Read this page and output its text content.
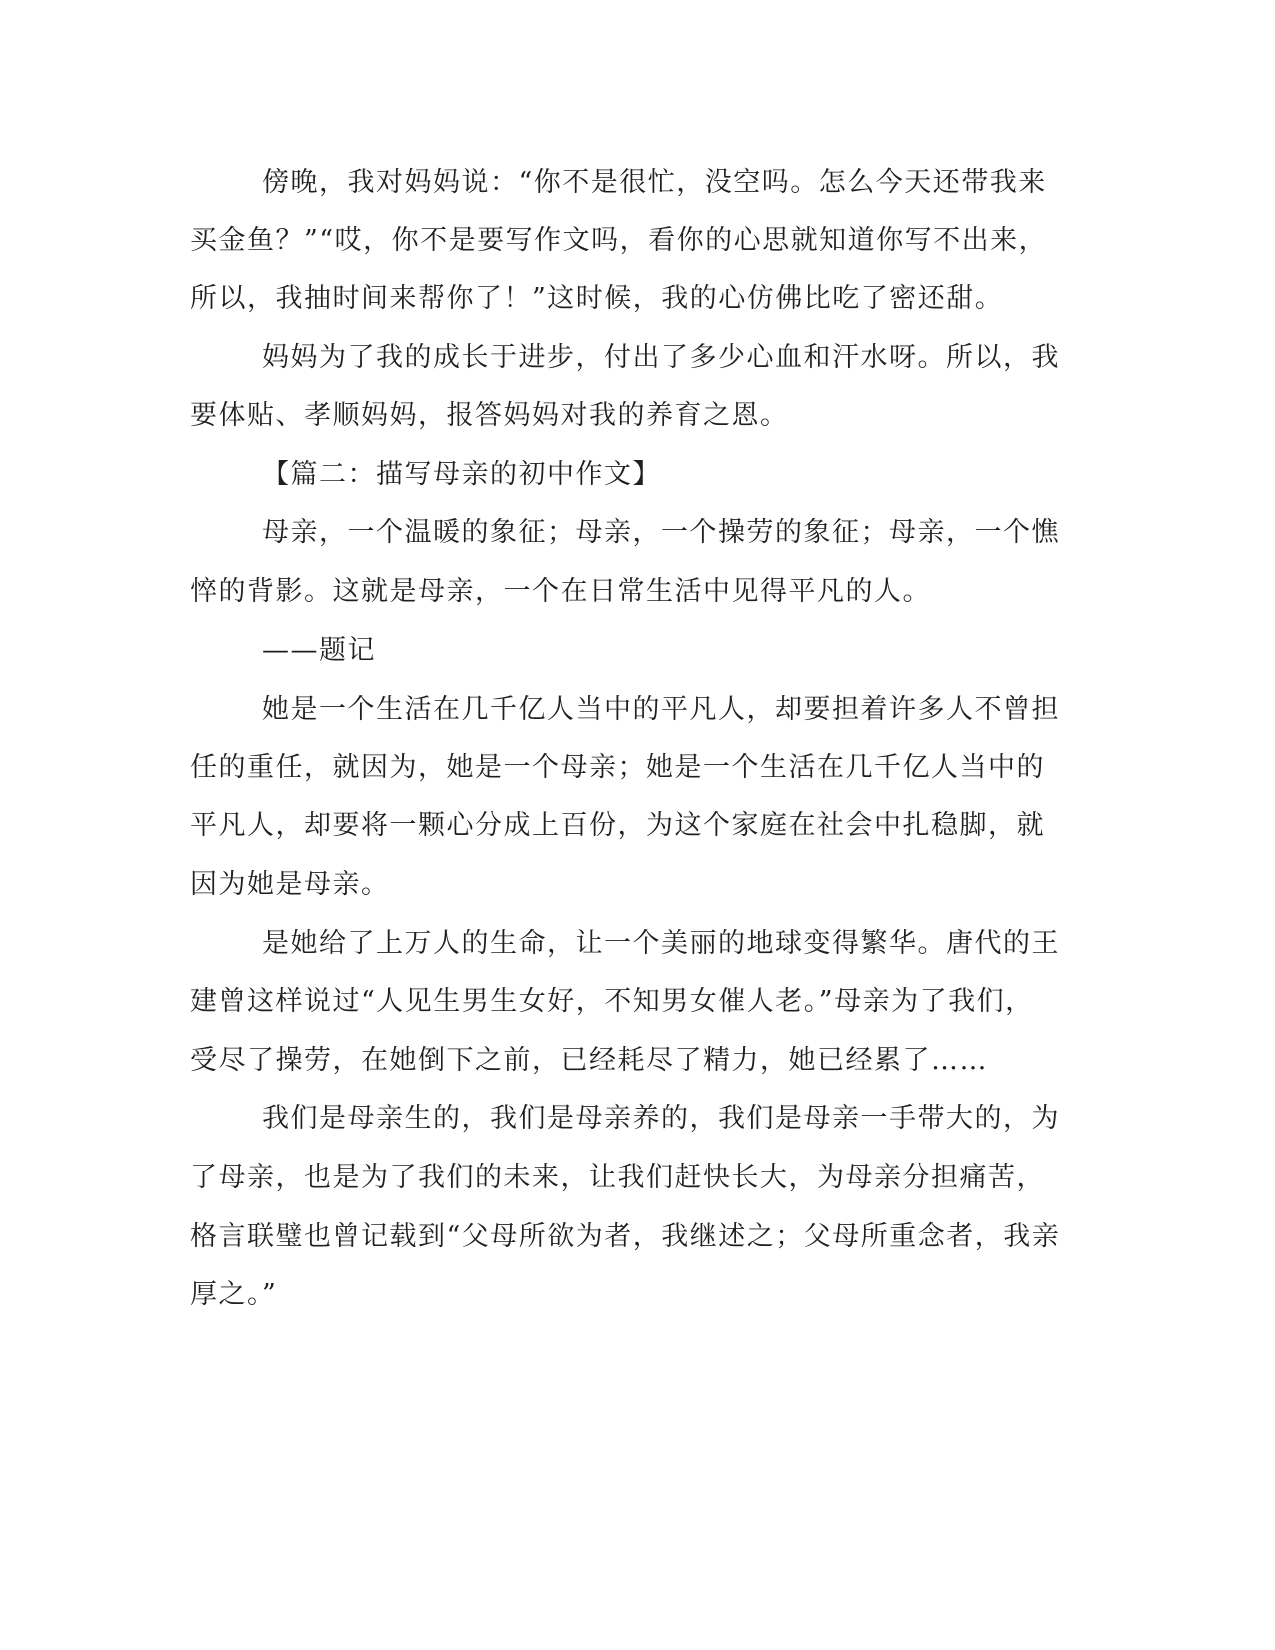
傍晚，我对妈妈说：“你不是很忙，没空吗。怎么今天还带我来
买金鱼？”“哎，你不是要写作文吗，看你的心思就知道你写不出来，
所以，我抽时间来帮你了！”这时候，我的心仿佛比吃了密还甜。
妈妈为了我的成长于进步，付出了多少心血和汗水呀。所以，我
要体贴、孝顺妈妈，报答妈妈对我的养育之恩。
【篇二：描写母亲的初中作文】
母亲，一个温暖的象征；母亲，一个操劳的象征；母亲，一个憔
悴的背影。这就是母亲，一个在日常生活中见得平凡的人。
——题记
她是一个生活在几千亿人当中的平凡人，却要担着许多人不曾担
任的重任，就因为，她是一个母亲；她是一个生活在几千亿人当中的
平凡人，却要将一颗心分成上百份，为这个家庭在社会中扎稳脚，就
因为她是母亲。
是她给了上万人的生命，让一个美丽的地球变得繁华。唐代的王
建曾这样说过“人见生男生女好，不知男女催人老。”母亲为了我们，
受尽了操劳，在她倒下之前，已经耗尽了精力，她已经累了……
我们是母亲生的，我们是母亲养的，我们是母亲一手带大的，为
了母亲，也是为了我们的未来，让我们赶快长大，为母亲分担痛苦，
格言联璧也曾记载到“父母所欲为者，我继述之；父母所重念者，我亲
厚之。”
